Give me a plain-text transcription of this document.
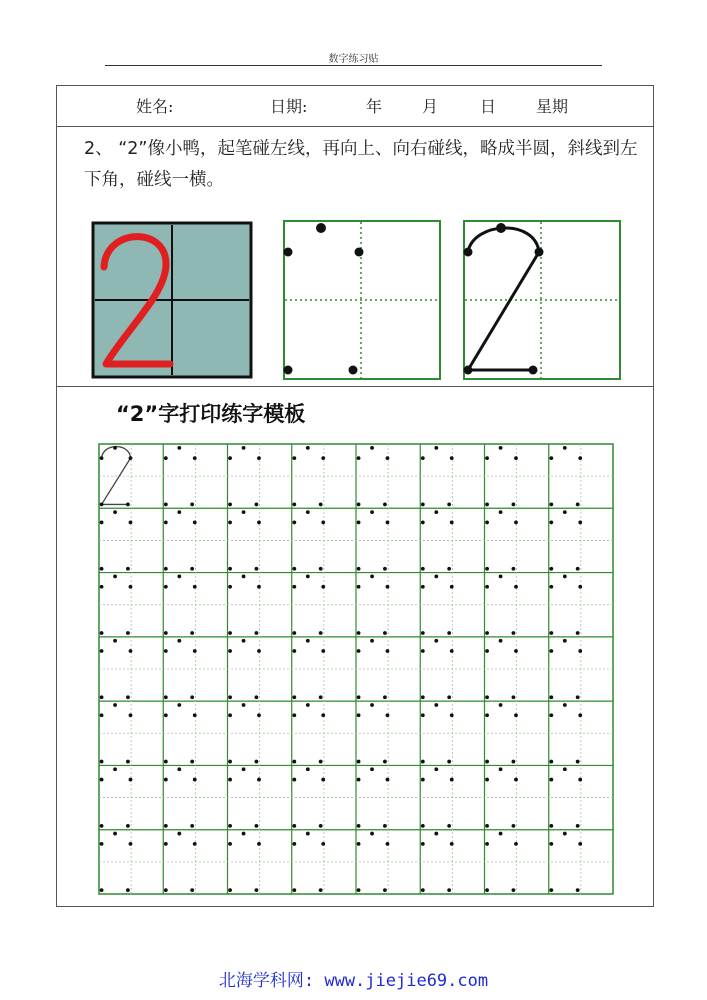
数字练习贴
姓名:	日期:	年 月	日 星期
2、 “2”像小鸭，起笔碰左线，再向上、向右碰线，略成半圆，斜线到左下角，碰线一横。
“2”字打印练字模板
北海学科网: www.jiejie69.com
